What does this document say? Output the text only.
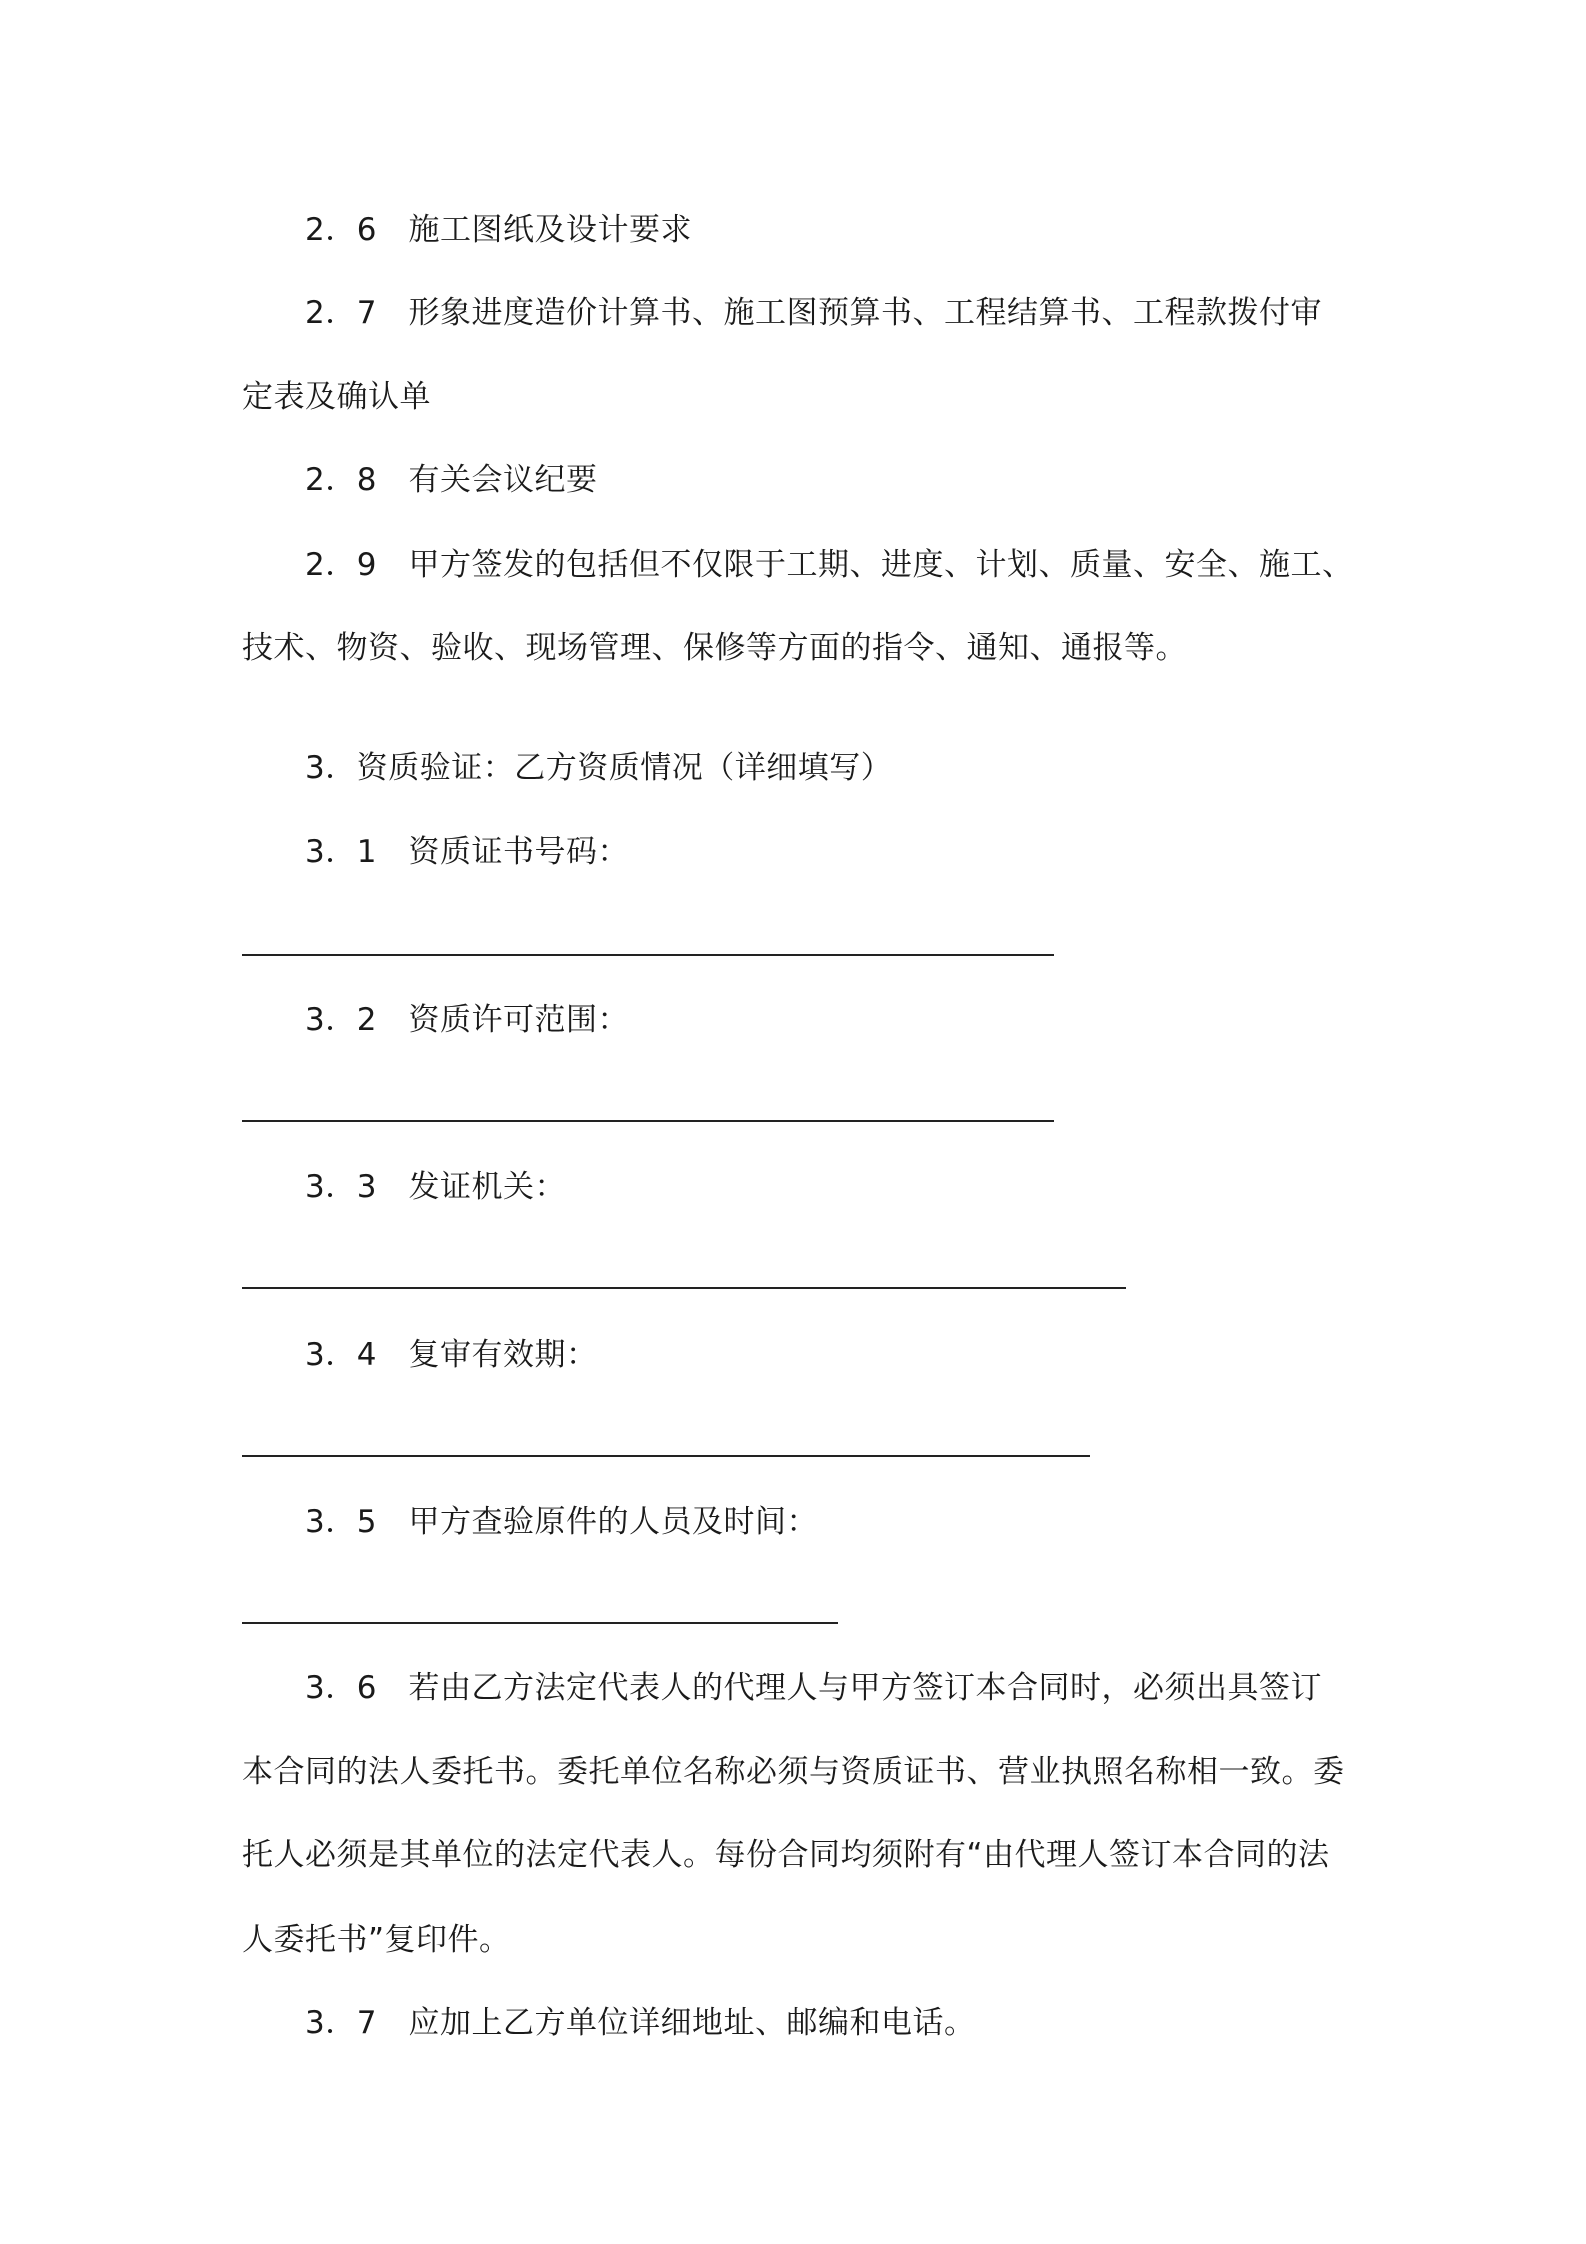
2．6　施工图纸及设计要求
2．7　形象进度造价计算书、施工图预算书、工程结算书、工程款拨付审
定表及确认单
2．8　有关会议纪要
2．9　甲方签发的包括但不仅限于工期、进度、计划、质量、安全、施工、
技术、物资、验收、现场管理、保修等方面的指令、通知、通报等。
3．资质验证：乙方资质情况（详细填写）
3．1　资质证书号码：
3．2　资质许可范围：
3．3　发证机关：
3．4　复审有效期：
3．5　甲方查验原件的人员及时间：
3．6　若由乙方法定代表人的代理人与甲方签订本合同时，必须出具签订
本合同的法人委托书。委托单位名称必须与资质证书、营业执照名称相一致。委
托人必须是其单位的法定代表人。每份合同均须附有“由代理人签订本合同的法
人委托书”复印件。
3．7　应加上乙方单位详细地址、邮编和电话。
